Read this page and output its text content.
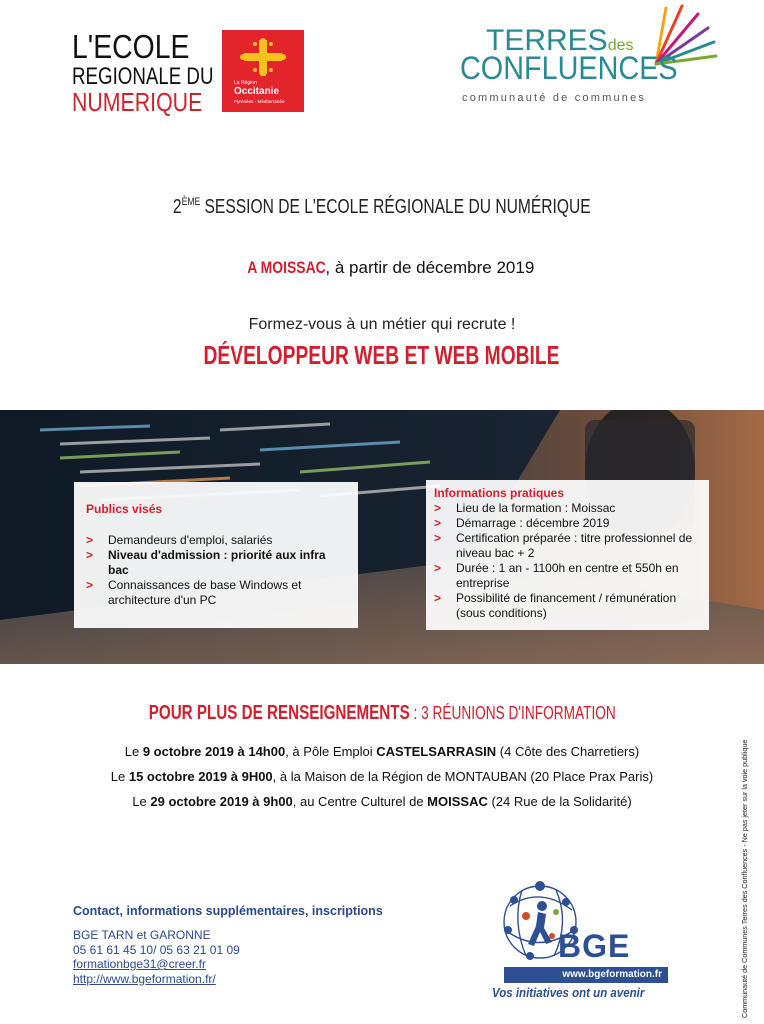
L'ECOLE
REGIONALE DU
NUMERIQUE
La Région
Occitanie
Pyrénées - Méditerranée
TERRESdes
CONFLUENCES
communauté de communes
2ÈME SESSION DE L'ECOLE RÉGIONALE DU NUMÉRIQUE
A MOISSAC, à partir de décembre 2019
Formez-vous à un métier qui recrute !
DÉVELOPPEUR WEB ET WEB MOBILE
Publics visés
> Demandeurs d'emploi, salariés
> Niveau d'admission : priorité aux infra bac
> Connaissances de base Windows et architecture d'un PC
Informations pratiques
> Lieu de la formation : Moissac
> Démarrage : décembre 2019
> Certification préparée : titre professionnel de niveau bac + 2
> Durée : 1 an - 1100h en centre et 550h en entreprise
> Possibilité de financement / rémunération (sous conditions)
POUR PLUS DE RENSEIGNEMENTS : 3 RÉUNIONS D'INFORMATION
Le 9 octobre 2019 à 14h00, à Pôle Emploi CASTELSARRASIN (4 Côte des Charretiers)
Le 15 octobre 2019 à 9H00, à la Maison de la Région de MONTAUBAN (20 Place Prax Paris)
Le 29 octobre 2019 à 9h00, au Centre Culturel de MOISSAC (24 Rue de la Solidarité)	Communauté de Communes Terres des Confluences - Ne pas jeter sur la voie publique
Contact, informations supplémentaires, inscriptions
BGE TARN et GARONNE
05 61 61 45 10/ 05 63 21 01 09
formationbge31@creer.fr
http://www.bgeformation.fr/
BGE
www.bgeformation.fr
Vos initiatives ont un avenir
